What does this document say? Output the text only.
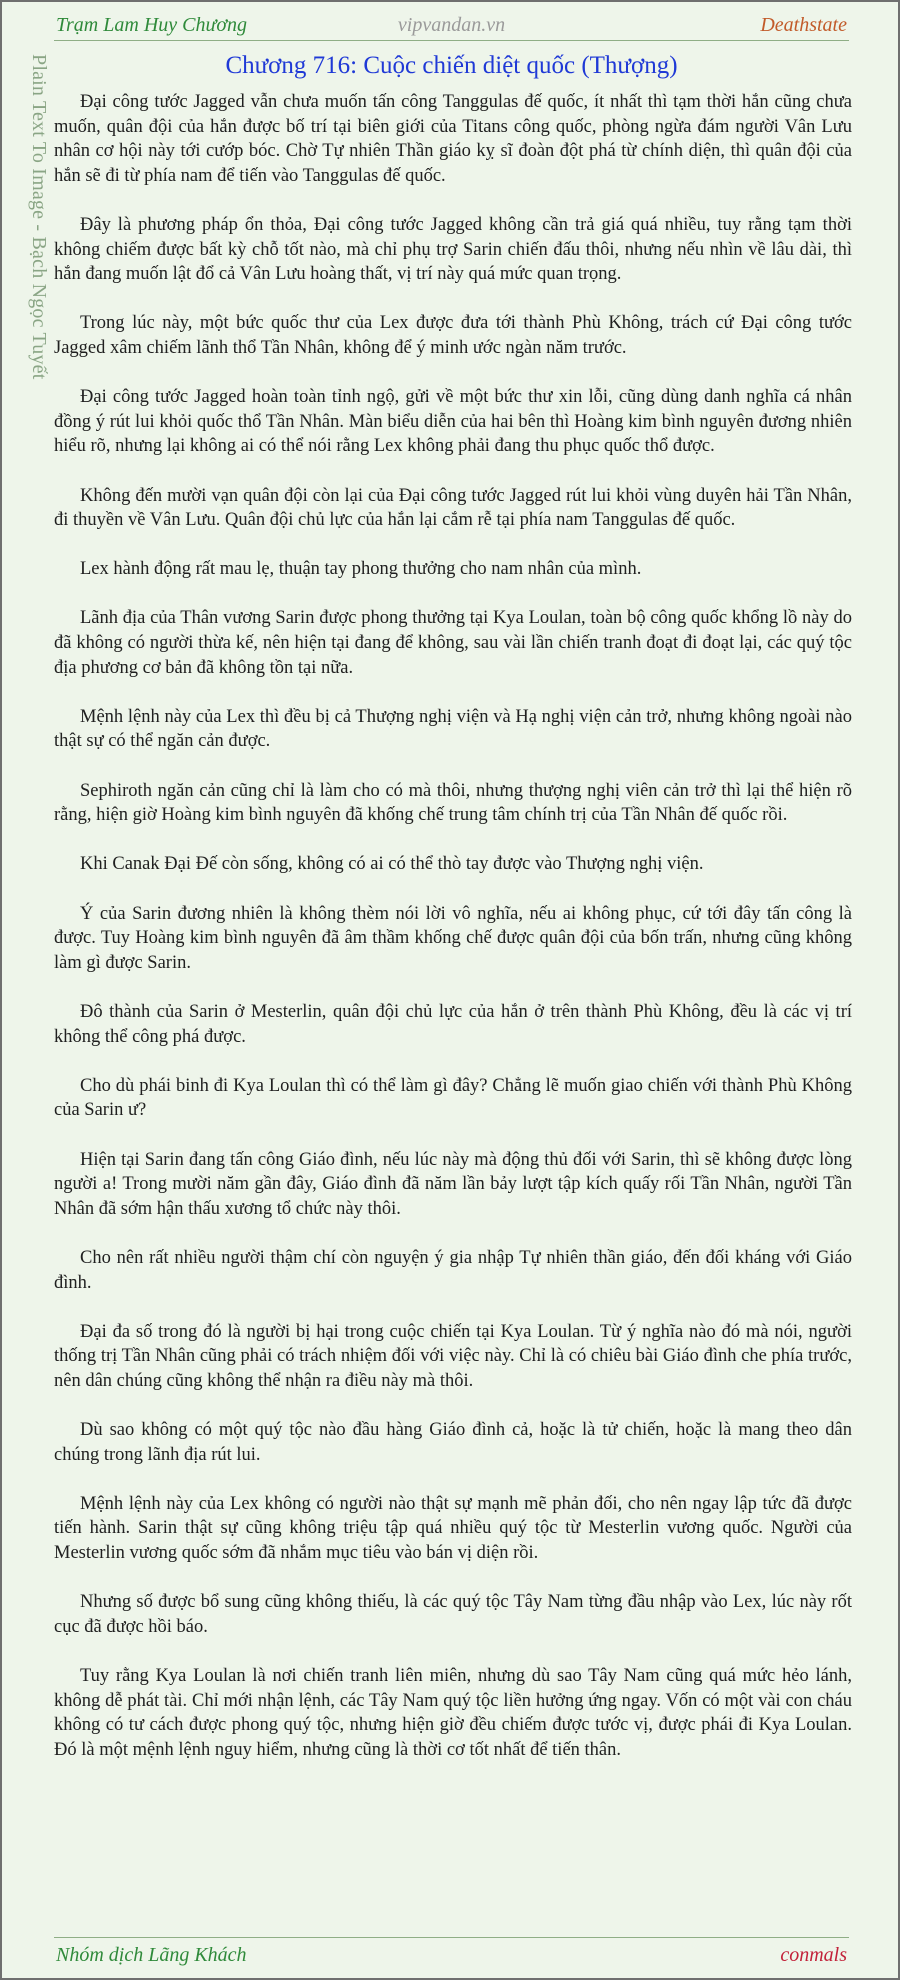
Trạm Lam Huy Chương	vipvandan.vn	Deathstate
Plain Text To Image - Bạch Ngọc Tuyết	Chương 716: Cuộc chiến diệt quốc (Thượng)

Đại công tước Jagged vẫn chưa muốn tấn công Tanggulas đế quốc, ít nhất thì tạm thời hắn cũng chưa muốn, quân đội của hắn được bố trí tại biên giới của Titans công quốc, phòng ngừa đám người Vân Lưu nhân cơ hội này tới cướp bóc. Chờ Tự nhiên Thần giáo kỵ sĩ đoàn đột phá từ chính diện, thì quân đội của hắn sẽ đi từ phía nam để tiến vào Tanggulas đế quốc.

Đây là phương pháp ổn thỏa, Đại công tước Jagged không cần trả giá quá nhiều, tuy rằng tạm thời không chiếm được bất kỳ chỗ tốt nào, mà chỉ phụ trợ Sarin chiến đấu thôi, nhưng nếu nhìn về lâu dài, thì hắn đang muốn lật đổ cả Vân Lưu hoàng thất, vị trí này quá mức quan trọng.

Trong lúc này, một bức quốc thư của Lex được đưa tới thành Phù Không, trách cứ Đại công tước Jagged xâm chiếm lãnh thổ Tần Nhân, không để ý minh ước ngàn năm trước.

Đại công tước Jagged hoàn toàn tỉnh ngộ, gửi về một bức thư xin lỗi, cũng dùng danh nghĩa cá nhân đồng ý rút lui khỏi quốc thổ Tần Nhân. Màn biểu diễn của hai bên thì Hoàng kim bình nguyên đương nhiên hiểu rõ, nhưng lại không ai có thể nói rằng Lex không phải đang thu phục quốc thổ được.

Không đến mười vạn quân đội còn lại của Đại công tước Jagged rút lui khỏi vùng duyên hải Tần Nhân, đi thuyền về Vân Lưu. Quân đội chủ lực của hắn lại cắm rễ tại phía nam Tanggulas đế quốc.

Lex hành động rất mau lẹ, thuận tay phong thưởng cho nam nhân của mình.

Lãnh địa của Thân vương Sarin được phong thưởng tại Kya Loulan, toàn bộ công quốc khổng lồ này do đã không có người thừa kế, nên hiện tại đang để không, sau vài lần chiến tranh đoạt đi đoạt lại, các quý tộc địa phương cơ bản đã không tồn tại nữa.

Mệnh lệnh này của Lex thì đều bị cả Thượng nghị viện và Hạ nghị viện cản trở, nhưng không ngoài nào thật sự có thể ngăn cản được.

Sephiroth ngăn cản cũng chỉ là làm cho có mà thôi, nhưng thượng nghị viên cản trở thì lại thể hiện rõ rằng, hiện giờ Hoàng kim bình nguyên đã khống chế trung tâm chính trị của Tần Nhân đế quốc rồi.

Khi Canak Đại Đế còn sống, không có ai có thể thò tay được vào Thượng nghị viện.

Ý của Sarin đương nhiên là không thèm nói lời vô nghĩa, nếu ai không phục, cứ tới đây tấn công là được. Tuy Hoàng kim bình nguyên đã âm thầm khống chế được quân đội của bốn trấn, nhưng cũng không làm gì được Sarin.

Đô thành của Sarin ở Mesterlin, quân đội chủ lực của hắn ở trên thành Phù Không, đều là các vị trí không thể công phá được.

Cho dù phái binh đi Kya Loulan thì có thể làm gì đây? Chẳng lẽ muốn giao chiến với thành Phù Không của Sarin ư?

Hiện tại Sarin đang tấn công Giáo đình, nếu lúc này mà động thủ đối với Sarin, thì sẽ không được lòng người a! Trong mười năm gần đây, Giáo đình đã năm lần bảy lượt tập kích quấy rối Tần Nhân, người Tần Nhân đã sớm hận thấu xương tổ chức này thôi.

Cho nên rất nhiều người thậm chí còn nguyện ý gia nhập Tự nhiên thần giáo, đến đối kháng với Giáo đình.

Đại đa số trong đó là người bị hại trong cuộc chiến tại Kya Loulan. Từ ý nghĩa nào đó mà nói, người thống trị Tần Nhân cũng phải có trách nhiệm đối với việc này. Chỉ là có chiêu bài Giáo đình che phía trước, nên dân chúng cũng không thể nhận ra điều này mà thôi.

Dù sao không có một quý tộc nào đầu hàng Giáo đình cả, hoặc là tử chiến, hoặc là mang theo dân chúng trong lãnh địa rút lui.

Mệnh lệnh này của Lex không có người nào thật sự mạnh mẽ phản đối, cho nên ngay lập tức đã được tiến hành. Sarin thật sự cũng không triệu tập quá nhiều quý tộc từ Mesterlin vương quốc. Người của Mesterlin vương quốc sớm đã nhắm mục tiêu vào bán vị diện rồi.

Nhưng số được bổ sung cũng không thiếu, là các quý tộc Tây Nam từng đầu nhập vào Lex, lúc này rốt cục đã được hồi báo.

Tuy rằng Kya Loulan là nơi chiến tranh liên miên, nhưng dù sao Tây Nam cũng quá mức hẻo lánh, không dễ phát tài. Chỉ mới nhận lệnh, các Tây Nam quý tộc liền hưởng ứng ngay. Vốn có một vài con cháu không có tư cách được phong quý tộc, nhưng hiện giờ đều chiếm được tước vị, được phái đi Kya Loulan. Đó là một mệnh lệnh nguy hiểm, nhưng cũng là thời cơ tốt nhất để tiến thân.

Nhóm dịch Lãng Khách	conmals
